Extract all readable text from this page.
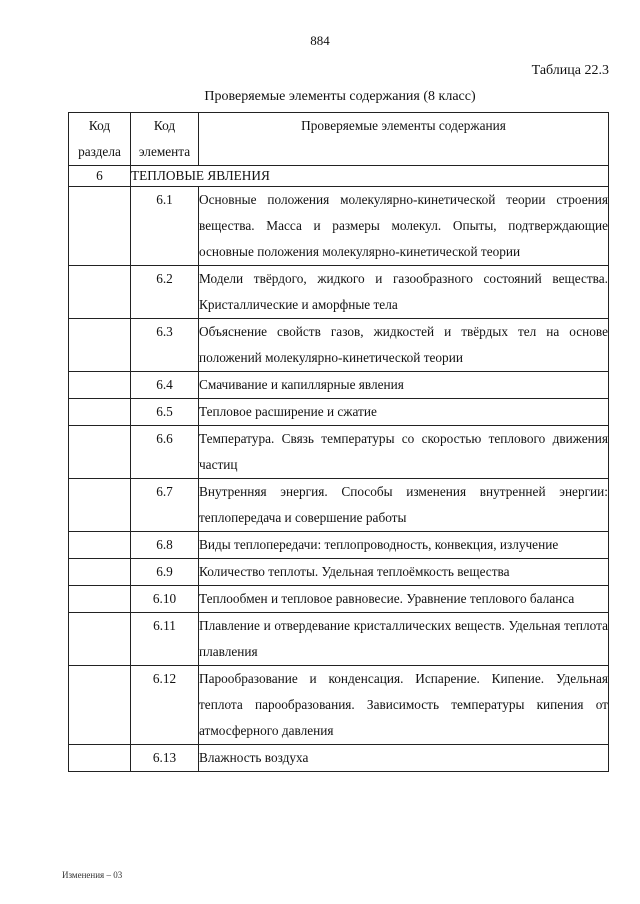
884
Таблица 22.3
Проверяемые элементы содержания (8 класс)
Код раздела	Код элемента	Проверяемые элементы содержания
6	ТЕПЛОВЫЕ ЯВЛЕНИЯ	
	6.1	Основные положения молекулярно-кинетической теории строения вещества. Масса и размеры молекул. Опыты, подтверждающие основные положения молекулярно-кинетической теории
	6.2	Модели твёрдого, жидкого и газообразного состояний вещества. Кристаллические и аморфные тела
	6.3	Объяснение свойств газов, жидкостей и твёрдых тел на основе положений молекулярно-кинетической теории
	6.4	Смачивание и капиллярные явления
	6.5	Тепловое расширение и сжатие
	6.6	Температура. Связь температуры со скоростью теплового движения частиц
	6.7	Внутренняя энергия. Способы изменения внутренней энергии: теплопередача и совершение работы
	6.8	Виды теплопередачи: теплопроводность, конвекция, излучение
	6.9	Количество теплоты. Удельная теплоёмкость вещества
	6.10	Теплообмен и тепловое равновесие. Уравнение теплового баланса
	6.11	Плавление и отвердевание кристаллических веществ. Удельная теплота плавления
	6.12	Парообразование и конденсация. Испарение. Кипение. Удельная теплота парообразования. Зависимость температуры кипения от атмосферного давления
	6.13	Влажность воздуха
Изменения – 03
